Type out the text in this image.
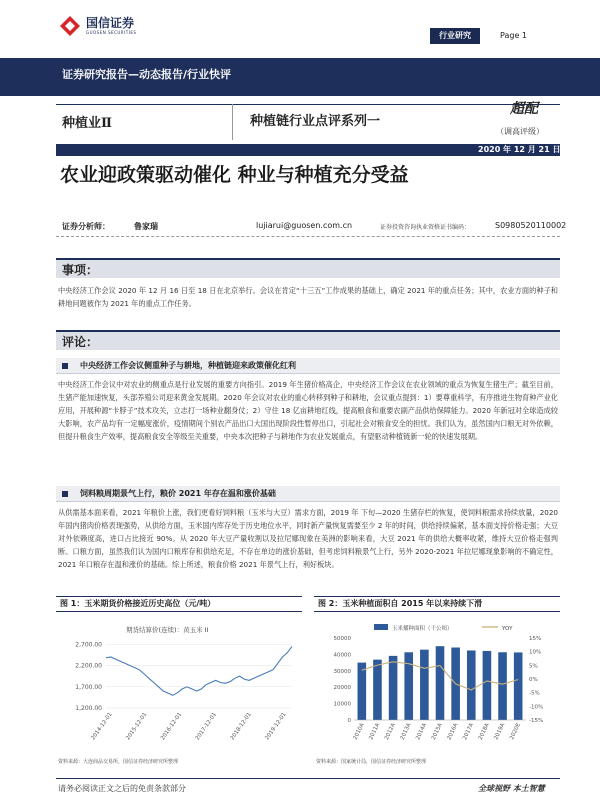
国信证券
GUOSEN SECURITIES	行业研究	Page 1
证券研究报告—动态报告/行业快评
种植业Ⅱ	种植链行业点评系列一
超配
（调高评级）
2020 年 12 月 21 日
农业迎政策驱动催化 种业与种植充分受益
证券分析师：	鲁家瑞	lujiarui@guosen.com.cn	证券投资咨询执业资格证书编码：	S0980520110002
事项：
中央经济工作会议 2020 年 12 月 16 日至 18 日在北京举行。会议在肯定“十三五”工作成果的基础上，确定 2021 年的重点任务；其中，农业方面的种子和耕地问题被作为 2021 年的重点工作任务。
评论：
中央经济工作会议侧重种子与耕地，种植链迎来政策催化红利
中央经济工作会议中对农业的侧重点是行业发展的重要方向指引。2019 年生猪价格高企，中央经济工作会议在农业领域的重点为恢复生猪生产；截至目前，生猪产能加速恢复，头部养殖公司迎来黄金发展期。2020 年会议对农业的重心转移到种子和耕地，会议重点提到：1）要尊重科学，有序推进生物育种产业化应用，开展种源“卡脖子”技术攻关，立志打一场种业翻身仗；2）守住 18 亿亩耕地红线，提高粮食和重要农副产品供给保障能力。2020 年新冠对全球造成较大影响，农产品均有一定幅度涨价，疫情期间个别农产品出口大国出现阶段性暂停出口，引起社会对粮食安全的担忧。我们认为，虽然国内口粮无对外依赖，但提升粮食生产效率，提高粮食安全等级至关重要，中央本次把种子与耕地作为农业发展重点，有望驱动种植链新一轮的快速发展期。
饲料粮周期景气上行，粮价 2021 年存在温和涨价基础
从供需基本面来看，2021 年粮价上涨，我们更看好饲料粮（玉米与大豆）需求方面，2019 年 下旬—2020 生猪存栏的恢复，使饲料粮需求持续放量，2020 年国内猪肉价格表现强势，从供给方面，玉米国内库存处于历史地位水平，同时新产量恢复需要至少 2 年的时间，供给持续偏紧，基本面支持价格走强；大豆对外依赖度高，进口占比接近 90%。从 2020 年大豆产量收割以及拉尼娜现象在美洲的影响来看，大豆 2021 年的供给大概率收紧，维持大豆价格走强判断。口粮方面，虽然我们认为国内口粮库存和供给充足，不存在单边的涨价基础，但考虑饲料粮景气上行，另外 2020-2021 年拉尼娜现象影响的不确定性，2021 年口粮存在温和涨价的基础。综上所述，粮食价格 2021 年景气上行，利好板块。
图 1：玉米期货价格接近历史高位（元/吨）
期货结算价(连续)：黄玉米 II
2,700.00
2,200.00
1,700.00
1,200.00
2014-12-01 2015-12-01 2016-12-01 2017-12-01 2018-12-01 2019-12-01
资料来源：大连商品交易所，国信证券经济研究所整理
图 2：玉米种植面积自 2015 年以来持续下滑
玉米播种面积（千公顷）	YOY
50000
40000
30000
20000
10000
0
15%
10%
5%
0%
-5%
-10%
-15%
2010A 2011A 2012A 2013A 2014A 2015A 2016A 2017A 2018A 2019A 2020E
资料来源：国家统计局，国信证券经济研究所整理
请务必阅读正文之后的免责条款部分	全球视野 本土智慧
